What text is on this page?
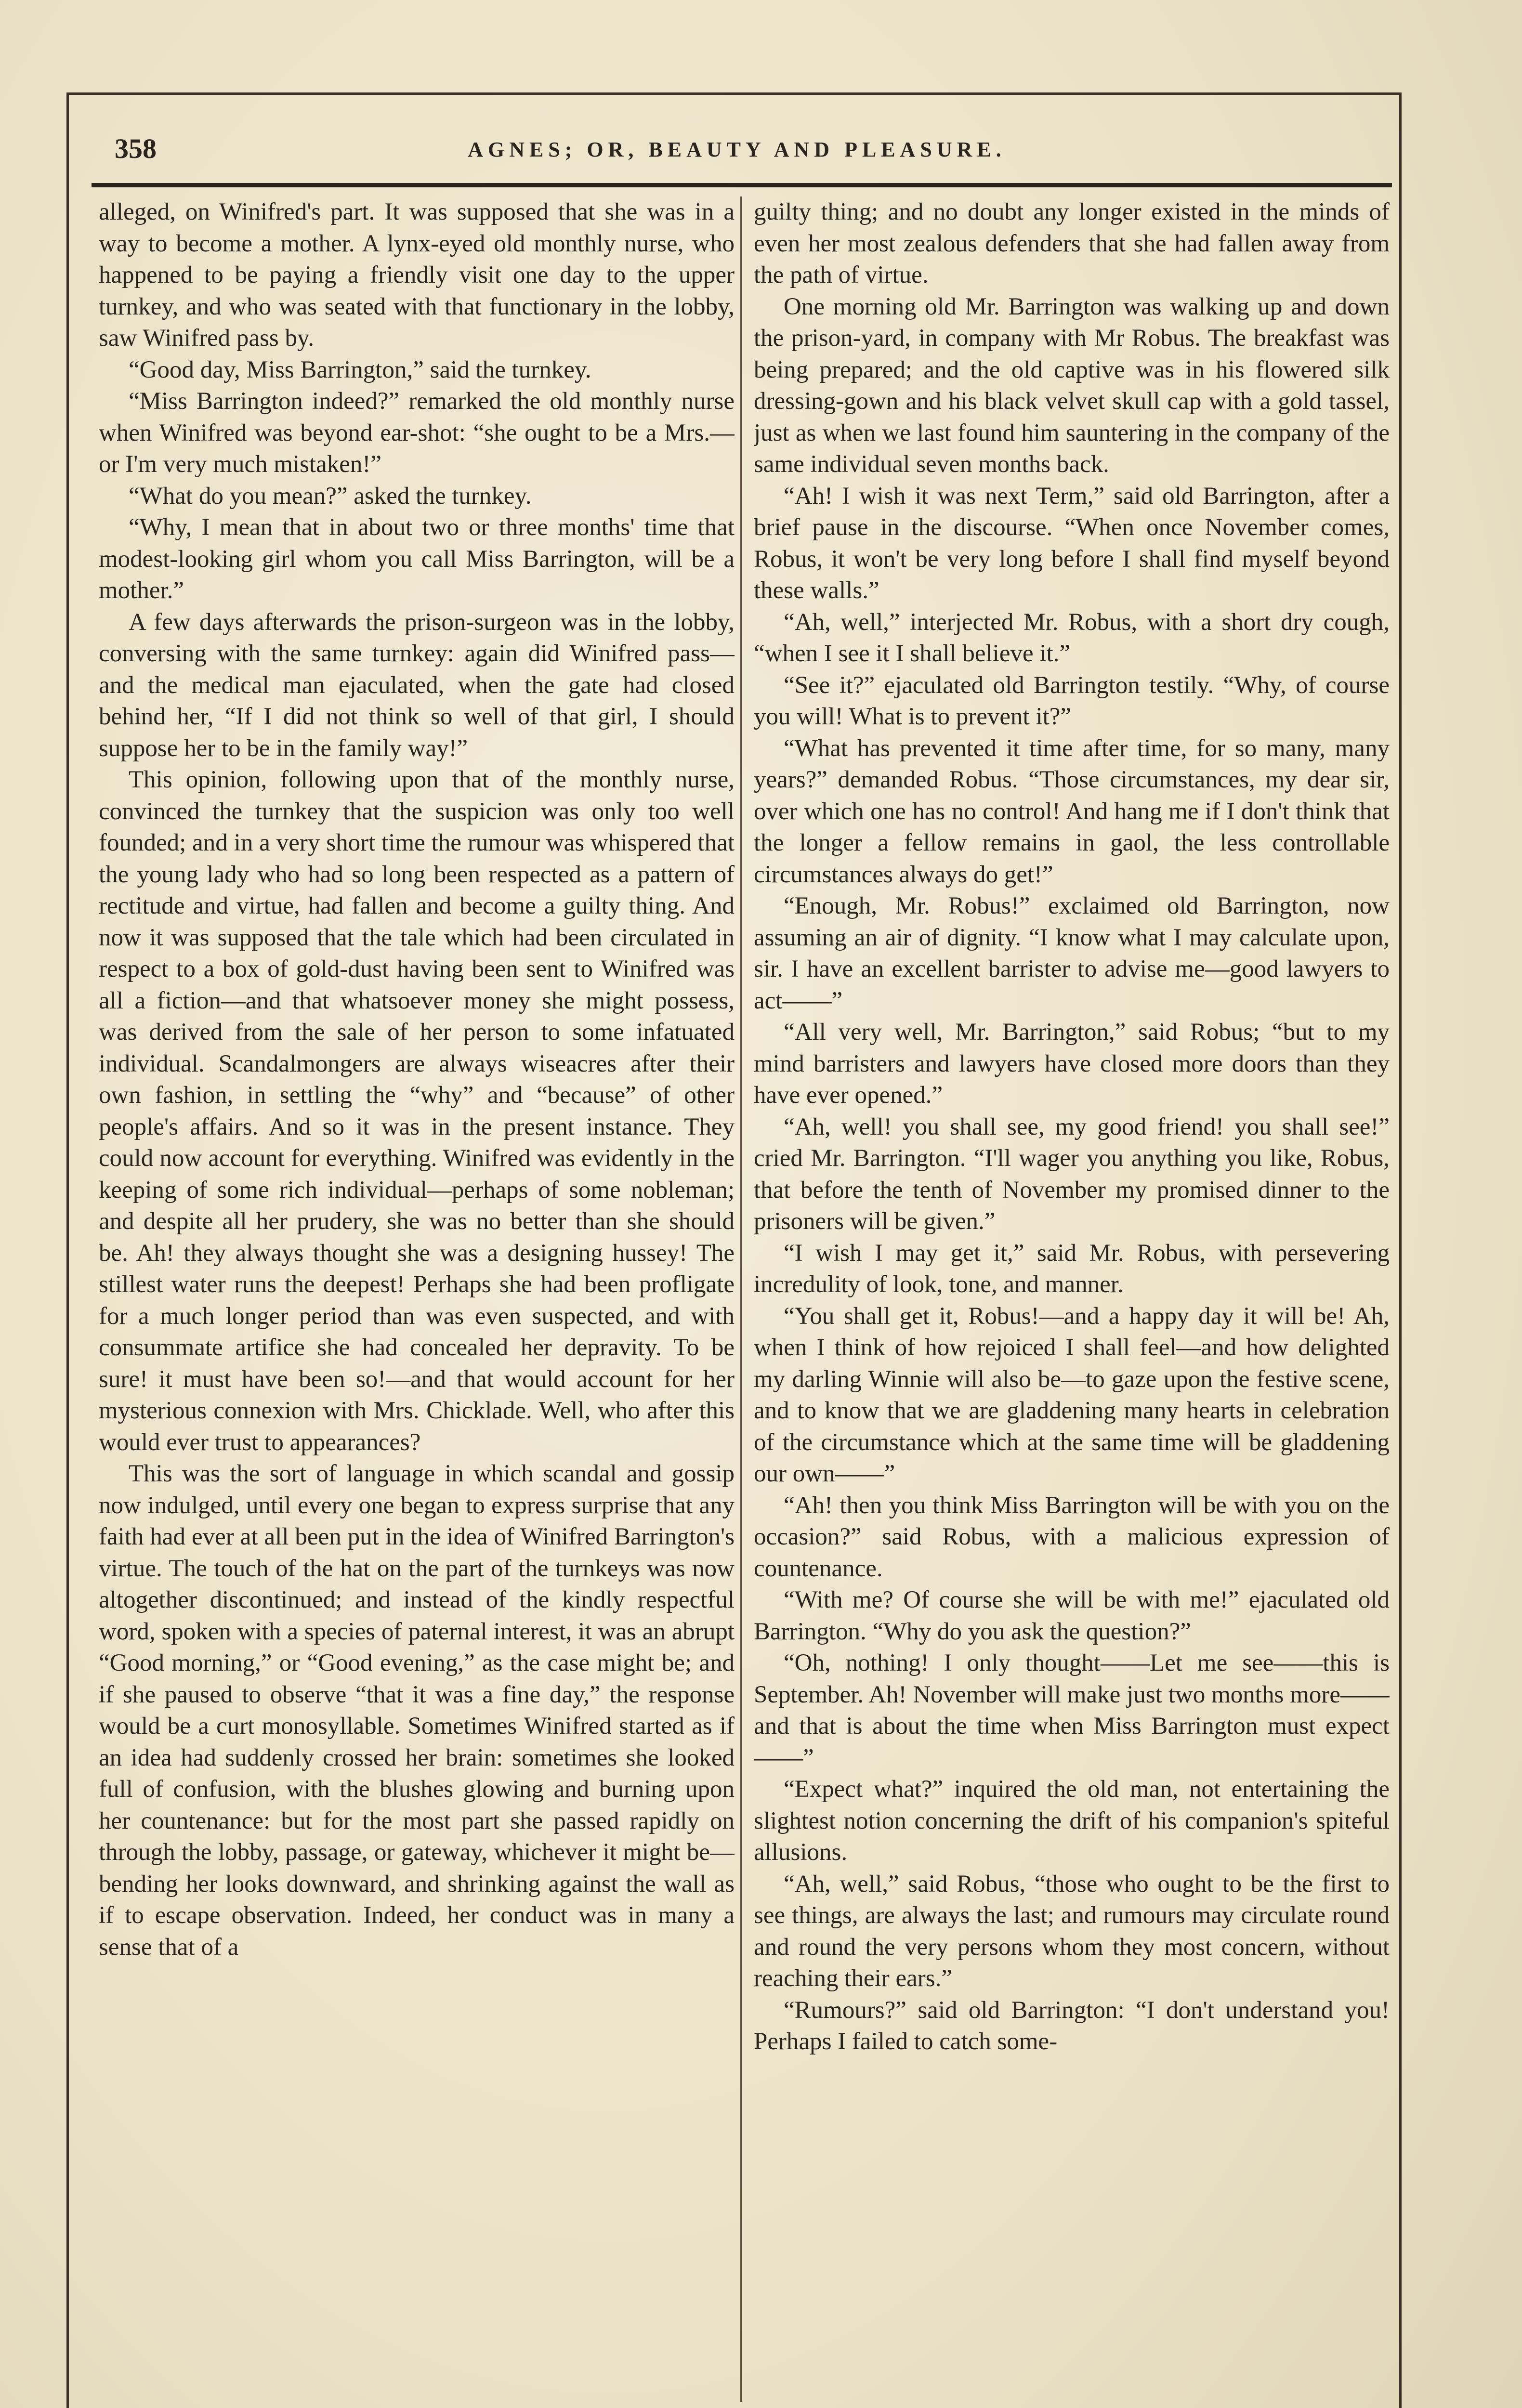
358	AGNES; OR, BEAUTY AND PLEASURE.

alleged, on Winifred's part. It was supposed that she was in a way to become a mother. A lynx-eyed old monthly nurse, who happened to be paying a friendly visit one day to the upper turnkey, and who was seated with that functionary in the lobby, saw Winifred pass by.

“Good day, Miss Barrington,” said the turnkey.

“Miss Barrington indeed?” remarked the old monthly nurse when Winifred was beyond ear-shot: “she ought to be a Mrs.—or I'm very much mistaken!”

“What do you mean?” asked the turnkey.

“Why, I mean that in about two or three months' time that modest-looking girl whom you call Miss Barrington, will be a mother.”

A few days afterwards the prison-surgeon was in the lobby, conversing with the same turnkey: again did Winifred pass—and the medical man ejaculated, when the gate had closed behind her, “If I did not think so well of that girl, I should suppose her to be in the family way!”

This opinion, following upon that of the monthly nurse, convinced the turnkey that the suspicion was only too well founded; and in a very short time the rumour was whispered that the young lady who had so long been respected as a pattern of rectitude and virtue, had fallen and become a guilty thing. And now it was supposed that the tale which had been circulated in respect to a box of gold-dust having been sent to Winifred was all a fiction—and that whatsoever money she might possess, was derived from the sale of her person to some infatuated individual. Scandalmongers are always wiseacres after their own fashion, in settling the “why” and “because” of other people's affairs. And so it was in the present instance. They could now account for everything. Winifred was evidently in the keeping of some rich individual—perhaps of some nobleman; and despite all her prudery, she was no better than she should be. Ah! they always thought she was a designing hussey! The stillest water runs the deepest! Perhaps she had been profligate for a much longer period than was even suspected, and with consummate artifice she had concealed her depravity. To be sure! it must have been so!—and that would account for her mysterious connexion with Mrs. Chicklade. Well, who after this would ever trust to appearances?

This was the sort of language in which scandal and gossip now indulged, until every one began to express surprise that any faith had ever at all been put in the idea of Winifred Barrington's virtue. The touch of the hat on the part of the turnkeys was now altogether discontinued; and instead of the kindly respectful word, spoken with a species of paternal interest, it was an abrupt “Good morning,” or “Good evening,” as the case might be; and if she paused to observe “that it was a fine day,” the response would be a curt monosyllable. Sometimes Winifred started as if an idea had suddenly crossed her brain: sometimes she looked full of confusion, with the blushes glowing and burning upon her countenance: but for the most part she passed rapidly on through the lobby, passage, or gateway, whichever it might be—bending her looks downward, and shrinking against the wall as if to escape observation. Indeed, her conduct was in many a sense that of a

guilty thing; and no doubt any longer existed in the minds of even her most zealous defenders that she had fallen away from the path of virtue.

One morning old Mr. Barrington was walking up and down the prison-yard, in company with Mr Robus. The breakfast was being prepared; and the old captive was in his flowered silk dressing-gown and his black velvet skull cap with a gold tassel, just as when we last found him sauntering in the company of the same individual seven months back.

“Ah! I wish it was next Term,” said old Barrington, after a brief pause in the discourse. “When once November comes, Robus, it won't be very long before I shall find myself beyond these walls.”

“Ah, well,” interjected Mr. Robus, with a short dry cough, “when I see it I shall believe it.”

“See it?” ejaculated old Barrington testily. “Why, of course you will! What is to prevent it?”

“What has prevented it time after time, for so many, many years?” demanded Robus. “Those circumstances, my dear sir, over which one has no control! And hang me if I don't think that the longer a fellow remains in gaol, the less controllable circumstances always do get!”

“Enough, Mr. Robus!” exclaimed old Barrington, now assuming an air of dignity. “I know what I may calculate upon, sir. I have an excellent barrister to advise me—good lawyers to act——”

“All very well, Mr. Barrington,” said Robus; “but to my mind barristers and lawyers have closed more doors than they have ever opened.”

“Ah, well! you shall see, my good friend! you shall see!” cried Mr. Barrington. “I'll wager you anything you like, Robus, that before the tenth of November my promised dinner to the prisoners will be given.”

“I wish I may get it,” said Mr. Robus, with persevering incredulity of look, tone, and manner.

“You shall get it, Robus!—and a happy day it will be! Ah, when I think of how rejoiced I shall feel—and how delighted my darling Winnie will also be—to gaze upon the festive scene, and to know that we are gladdening many hearts in celebration of the circumstance which at the same time will be gladdening our own——”

“Ah! then you think Miss Barrington will be with you on the occasion?” said Robus, with a malicious expression of countenance.

“With me? Of course she will be with me!” ejaculated old Barrington. “Why do you ask the question?”

“Oh, nothing! I only thought——Let me see——this is September. Ah! November will make just two months more——and that is about the time when Miss Barrington must expect——”

“Expect what?” inquired the old man, not entertaining the slightest notion concerning the drift of his companion's spiteful allusions.

“Ah, well,” said Robus, “those who ought to be the first to see things, are always the last; and rumours may circulate round and round the very persons whom they most concern, without reaching their ears.”

“Rumours?” said old Barrington: “I don't understand you! Perhaps I failed to catch some-
